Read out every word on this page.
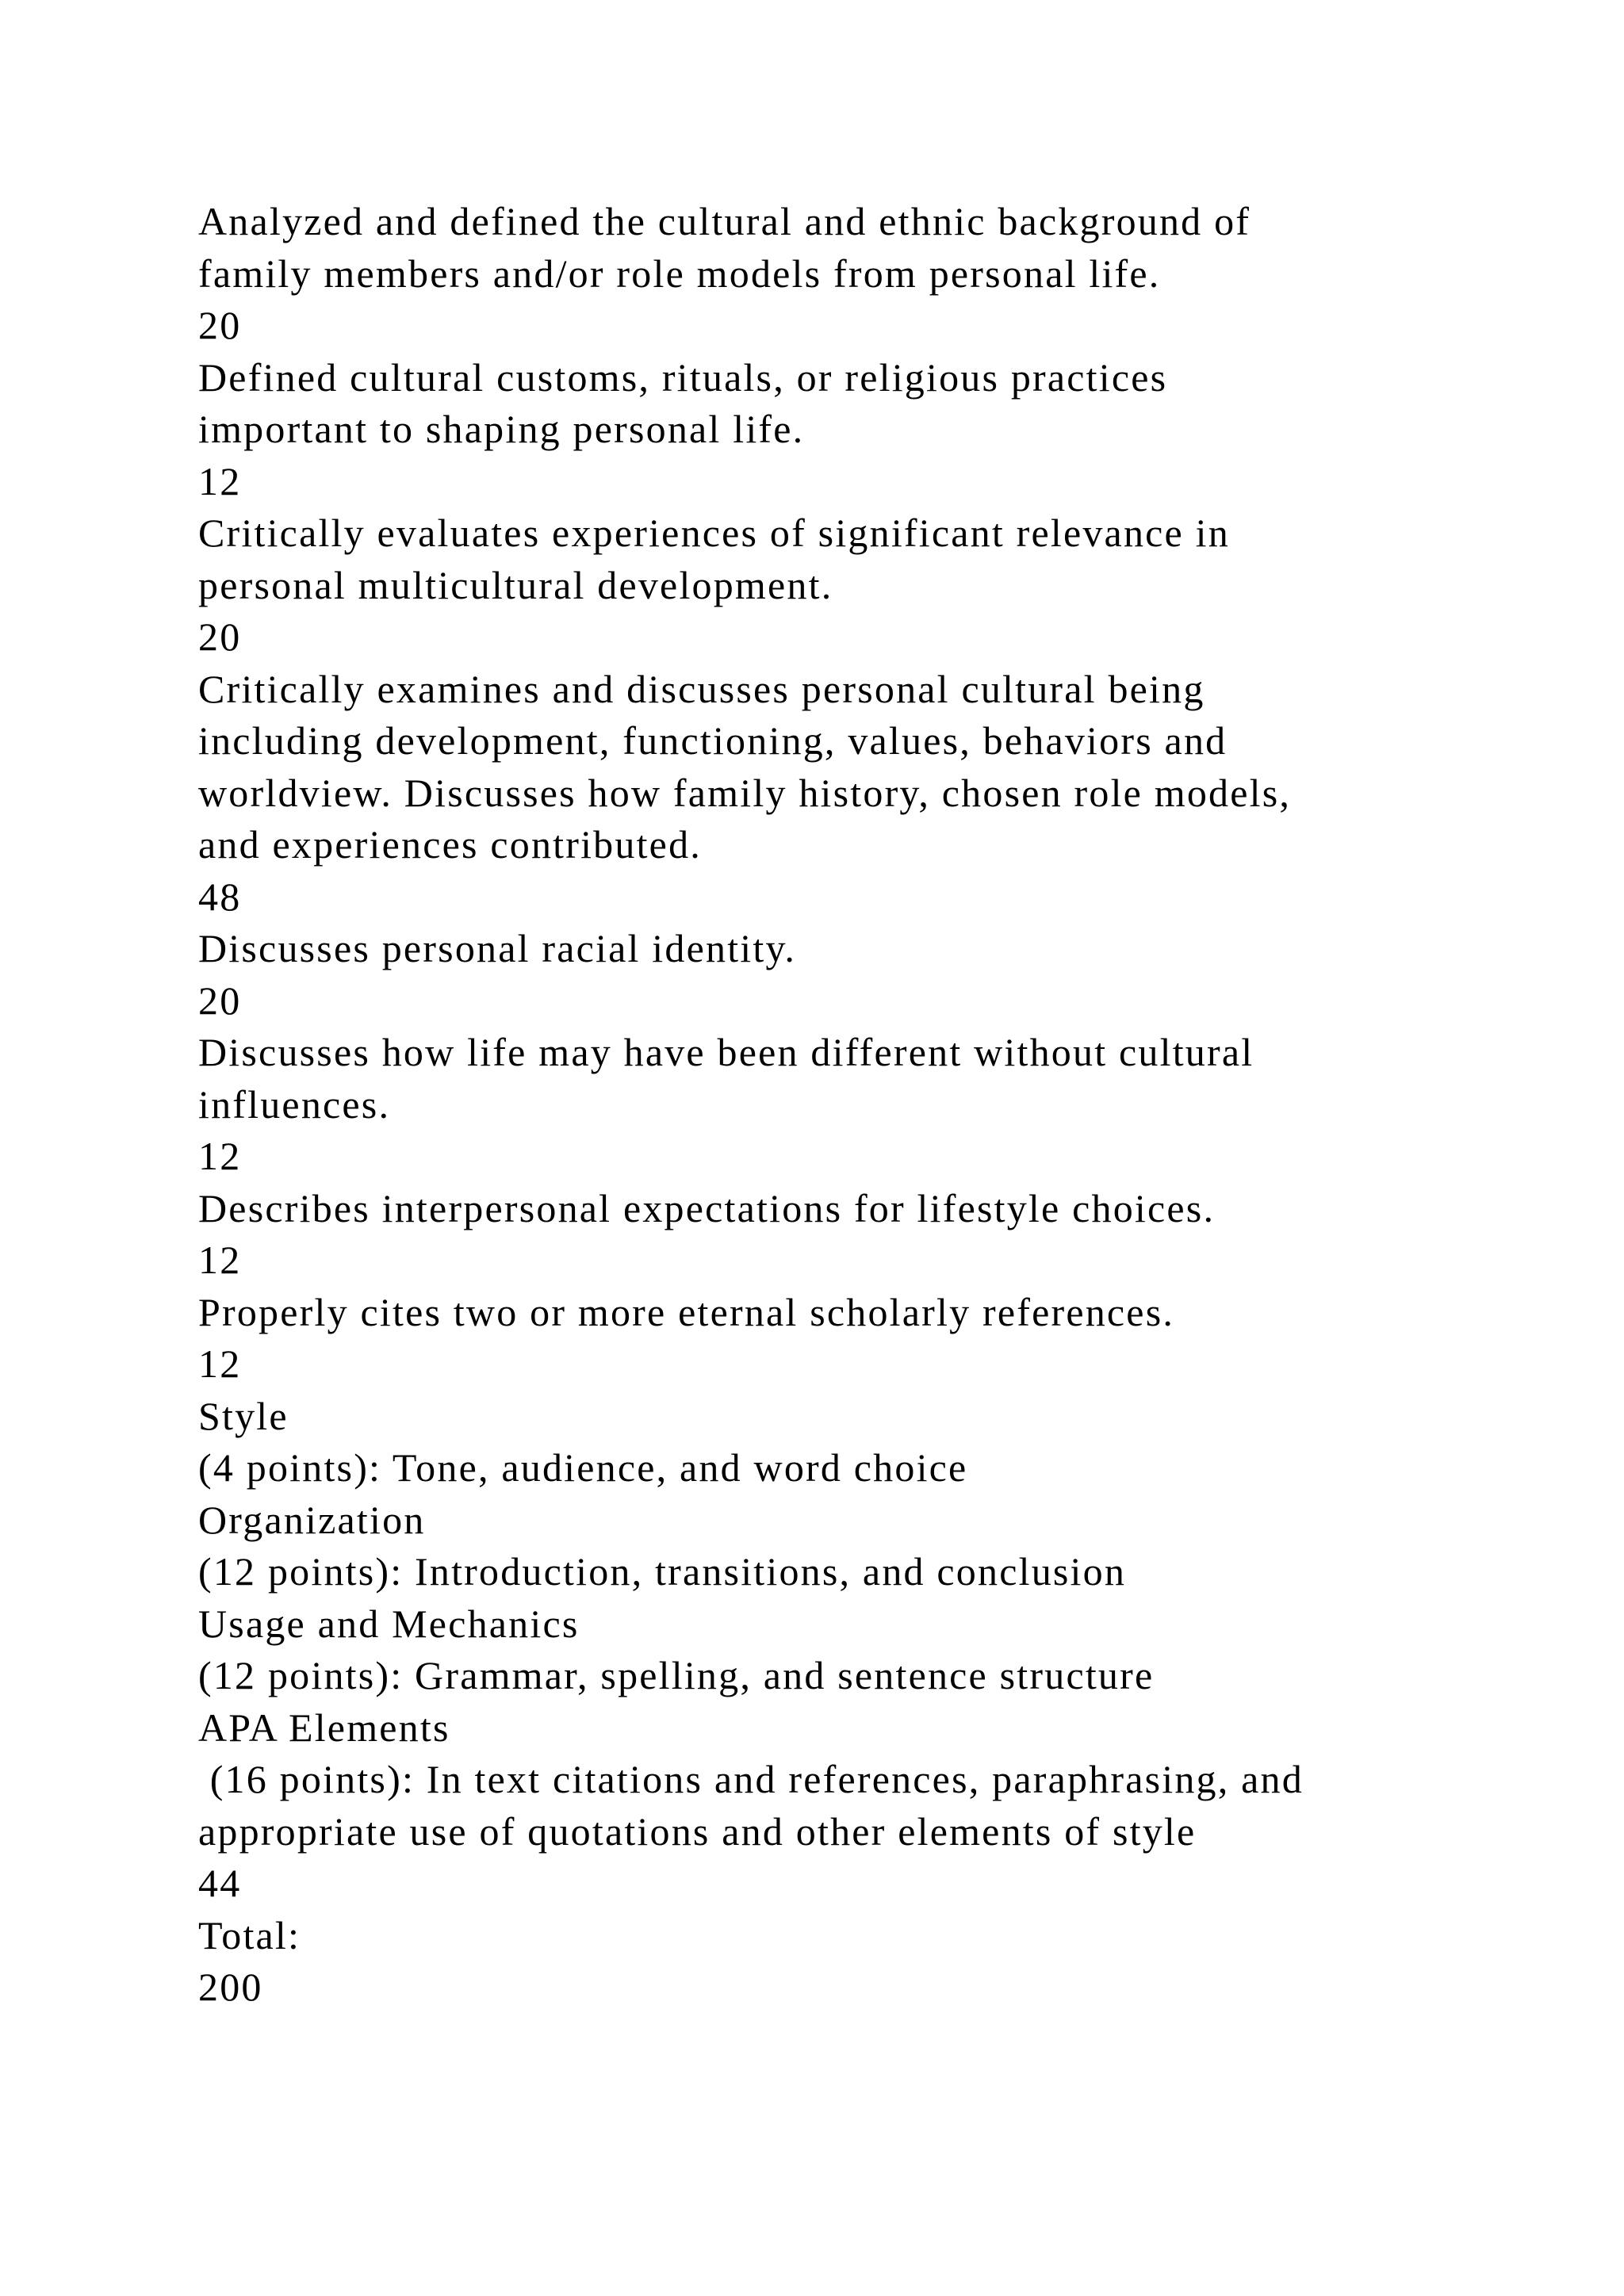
Analyzed and defined the cultural and ethnic background of
family members and/or role models from personal life.
20
Defined cultural customs, rituals, or religious practices
important to shaping personal life.
12
Critically evaluates experiences of significant relevance in
personal multicultural development.
20
Critically examines and discusses personal cultural being
including development, functioning, values, behaviors and
worldview. Discusses how family history, chosen role models,
and experiences contributed.
48
Discusses personal racial identity.
20
Discusses how life may have been different without cultural
influences.
12
Describes interpersonal expectations for lifestyle choices.
12
Properly cites two or more eternal scholarly references.
12
Style
(4 points): Tone, audience, and word choice
Organization
(12 points): Introduction, transitions, and conclusion
Usage and Mechanics
(12 points): Grammar, spelling, and sentence structure
APA Elements
(16 points): In text citations and references, paraphrasing, and
appropriate use of quotations and other elements of style
44
Total:
200
